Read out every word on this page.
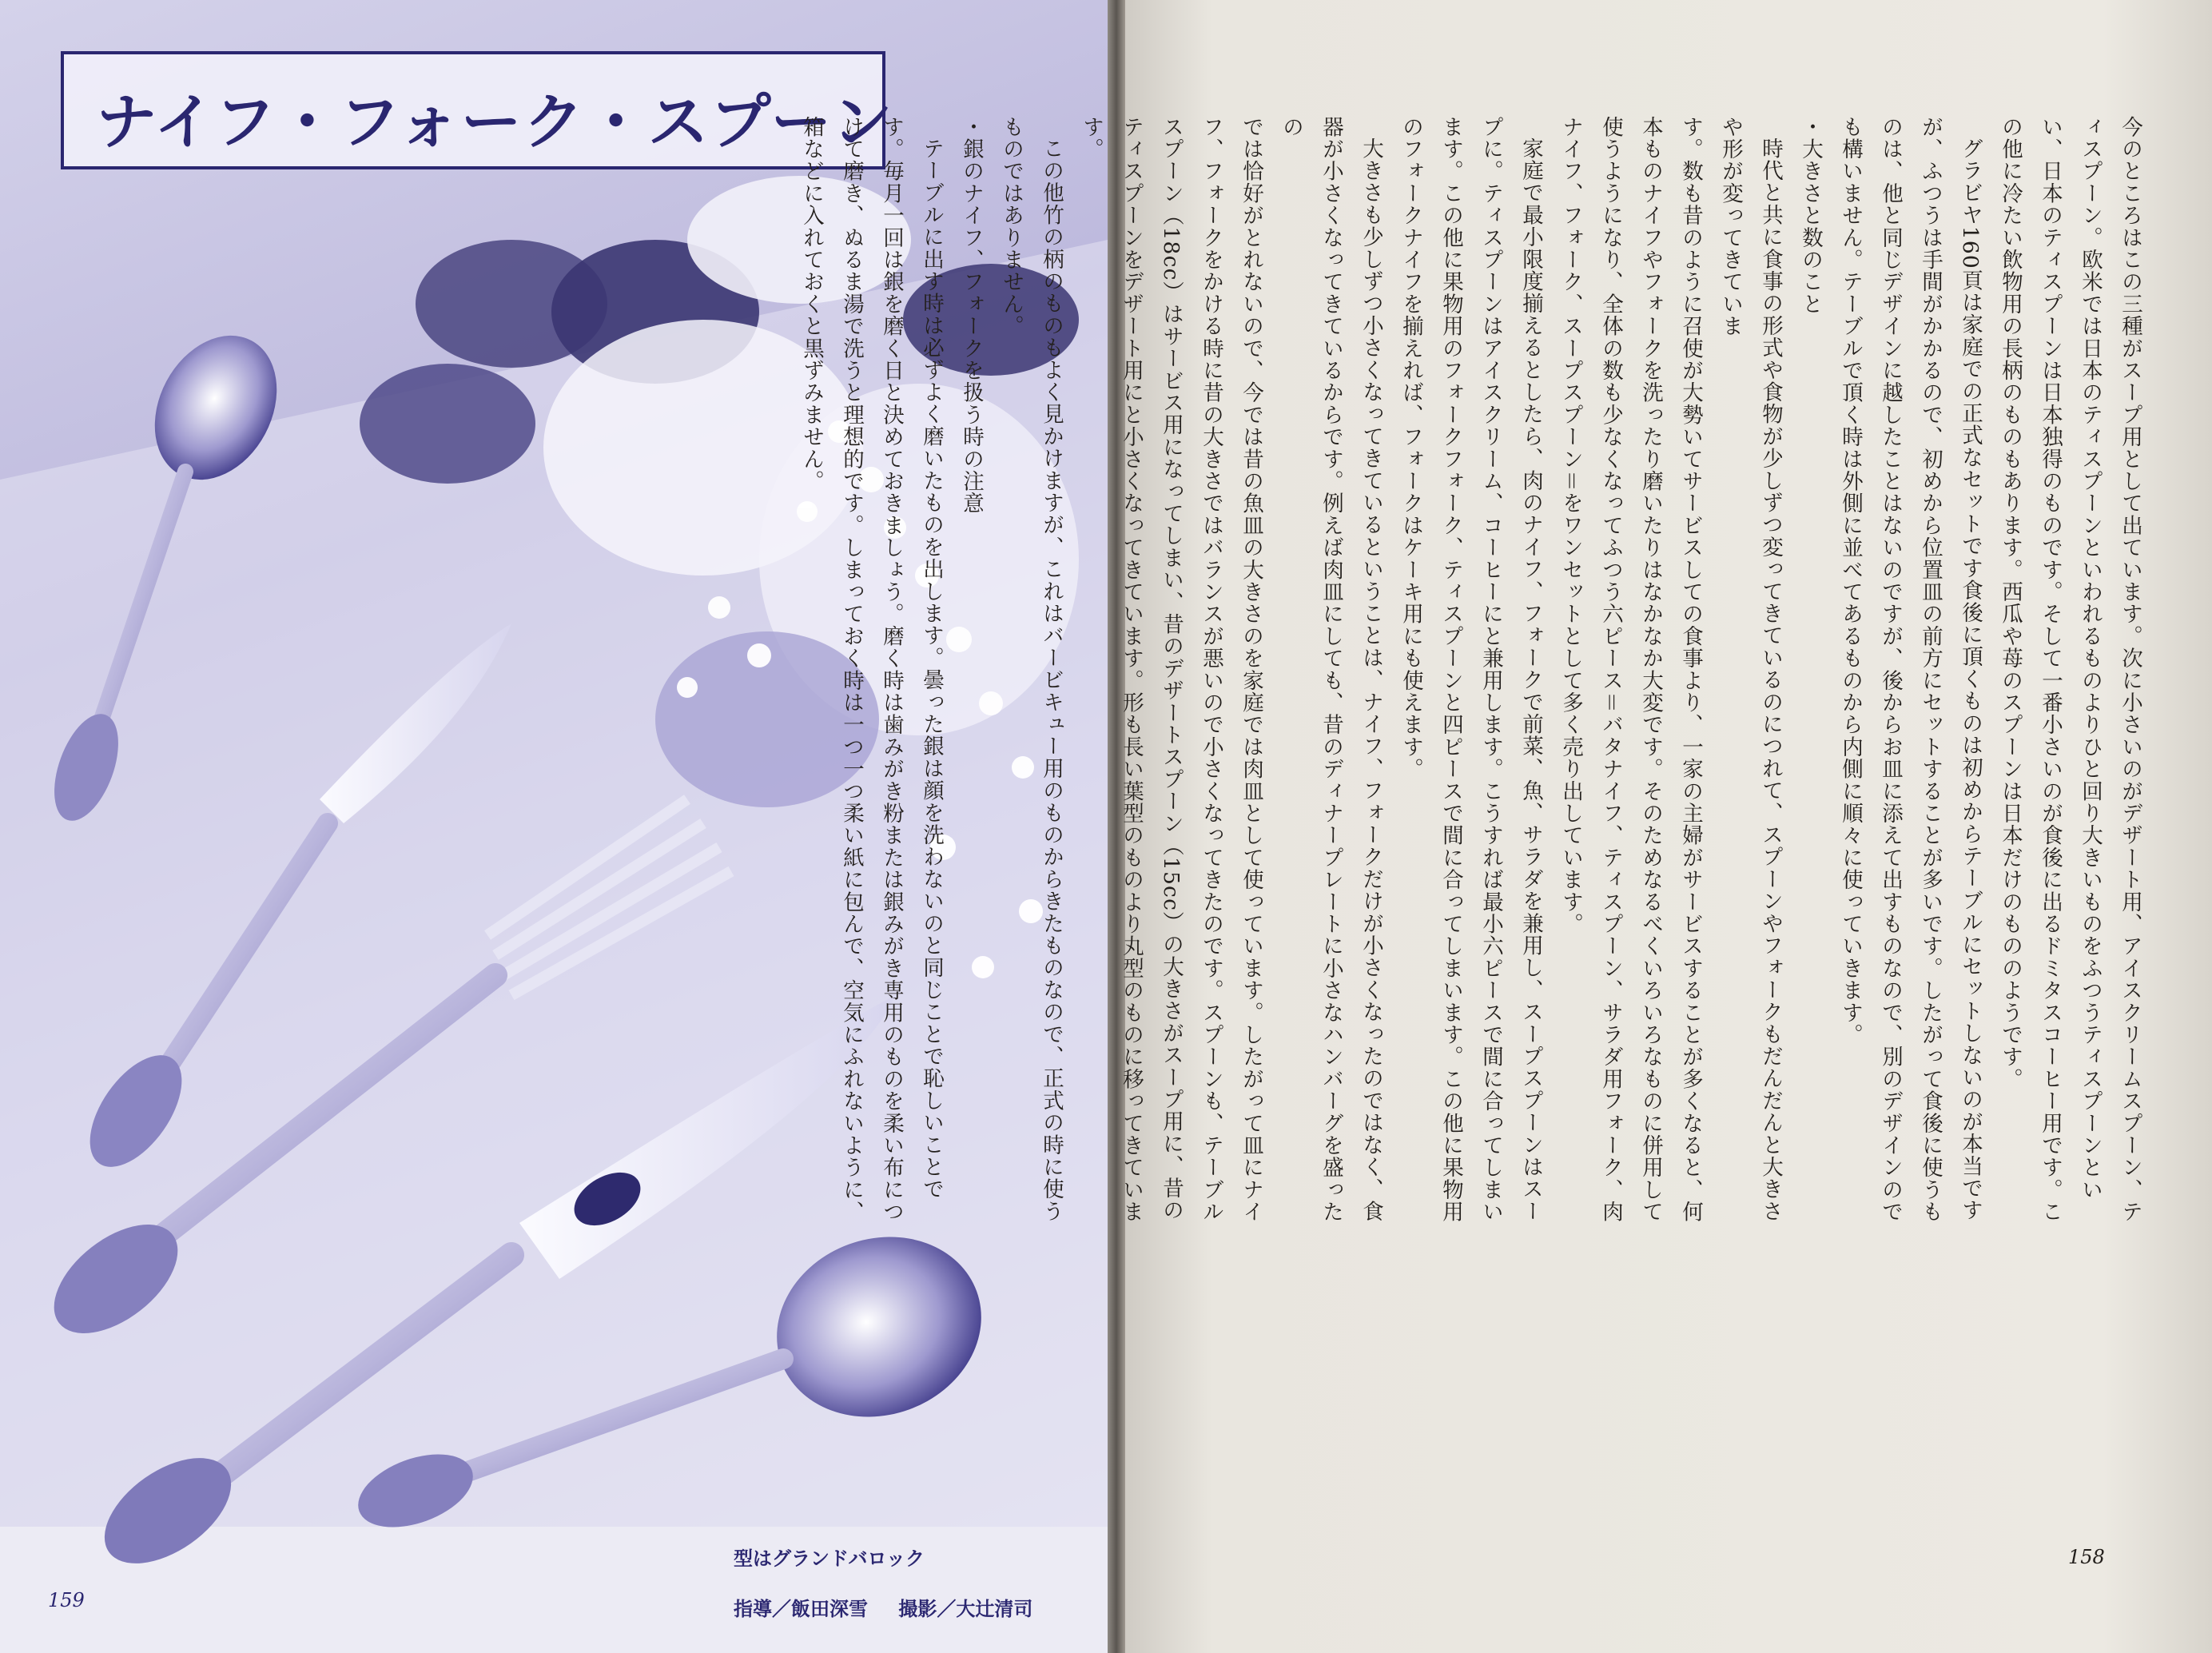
ナイフ・フォーク・スプーン
型はグランドバロック
指導／飯田深雪 撮影／大辻清司
159

今のところはこの三種がスープ用として出ています。次に小さいのがデザート用、アイスクリームスプーン、ティスプーン。欧米では日本のティスプーンといわれるものよりひと回り大きいものをふつうティスプーンといい、日本のティスプーンは日本独得のものです。そして一番小さいのが食後に出るドミタスコーヒー用です。この他に冷たい飲物用の長柄のものもあります。西瓜や苺のスプーンは日本だけのもののようです。

グラビヤ160頁は家庭での正式なセットです食後に頂くものは初めからテーブルにセットしないのが本当ですが、ふつうは手間がかかるので、初めから位置皿の前方にセットすることが多いです。したがって食後に使うものは、他と同じデザインに越したことはないのですが、後からお皿に添えて出すものなので、別のデザインのでも構いません。テーブルで頂く時は外側に並べてあるものから内側に順々に使っていきます。

・大きさと数のこと

時代と共に食事の形式や食物が少しずつ変ってきているのにつれて、スプーンやフォークもだんだんと大きさや形が変ってきていま

す。数も昔のように召使が大勢いてサービスしての食事より、一家の主婦がサービスすることが多くなると、何本ものナイフやフォークを洗ったり磨いたりはなかなか大変です。そのためなるべくいろいろなものに併用して使うようになり、全体の数も少なくなってふつう六ピース＝バタナイフ、ティスプーン、サラダ用フォーク、肉ナイフ、フォーク、スープスプーン＝をワンセットとして多く売り出しています。

家庭で最小限度揃えるとしたら、肉のナイフ、フォークで前菜、魚、サラダを兼用し、スープスプーンはスープに。ティスプーンはアイスクリーム、コーヒーにと兼用します。こうすれば最小六ピースで間に合ってしまいます。この他に果物用のフォークフォーク、ティスプーンと四ピースで間に合ってしまいます。この他に果物用のフォークナイフを揃えれば、フォークはケーキ用にも使えます。

大きさも少しずつ小さくなってきているということは、ナイフ、フォークだけが小さくなったのではなく、食器が小さくなってきているからです。例えば肉皿にしても、昔のディナープレートに小さなハンバーグを盛ったの

では恰好がとれないので、今では昔の魚皿の大きさのを家庭では肉皿として使っています。したがって皿にナイフ、フォークをかける時に昔の大きさではバランスが悪いので小さくなってきたのです。スプーンも、テーブルスプーン（18cc）はサービス用になってしまい、昔のデザートスプーン（15cc）の大きさがスープ用に、昔のティスプーンをデザート用にと小さくなってきています。形も長い葉型のものより丸型のものに移ってきています。

この他竹の柄のものもよく見かけますが、これはバービキュー用のものからきたものなので、正式の時に使うものではありません。

・銀のナイフ、フォークを扱う時の注意

テーブルに出す時は必ずよく磨いたものを出します。曇った銀は顔を洗わないのと同じことで恥しいことです。毎月一回は銀を磨く日と決めておきましょう。磨く時は歯みがき粉または銀みがき専用のものを柔い布につけて磨き、ぬるま湯で洗うと理想的です。しまっておく時は一つ一つ柔い紙に包んで、空気にふれないように、箱などに入れておくと黒ずみません。

158
